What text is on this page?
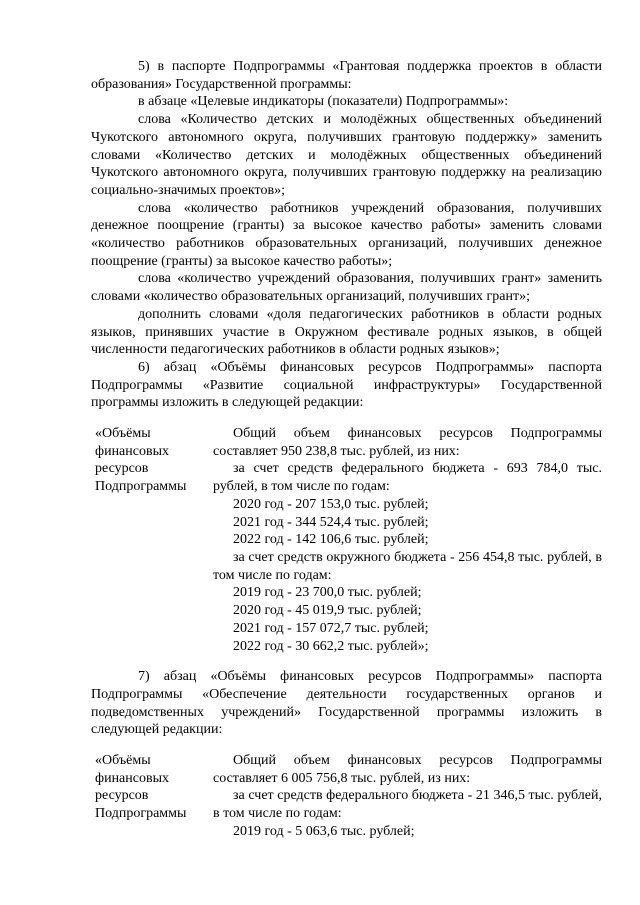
5) в паспорте Подпрограммы «Грантовая поддержка проектов в области образования» Государственной программы:

в абзаце «Целевые индикаторы (показатели) Подпрограммы»:

слова «Количество детских и молодёжных общественных объединений Чукотского автономного округа, получивших грантовую поддержку» заменить словами «Количество детских и молодёжных общественных объединений Чукотского автономного округа, получивших грантовую поддержку на реализацию социально-значимых проектов»;

слова «количество работников учреждений образования, получивших денежное поощрение (гранты) за высокое качество работы» заменить словами «количество работников образовательных организаций, получивших денежное поощрение (гранты) за высокое качество работы»;

слова «количество учреждений образования, получивших грант» заменить словами «количество образовательных организаций, получивших грант»;

дополнить словами «доля педагогических работников в области родных языков, принявших участие в Окружном фестивале родных языков, в общей численности педагогических работников в области родных языков»;

6) абзац «Объёмы финансовых ресурсов Подпрограммы» паспорта Подпрограммы «Развитие социальной инфраструктуры» Государственной программы изложить в следующей редакции:

«Объёмы
финансовых
ресурсов
Подпрограммы

Общий объем финансовых ресурсов Подпрограммы составляет 950 238,8 тыс. рублей, из них:

за счет средств федерального бюджета - 693 784,0 тыс. рублей, в том числе по годам:

2020 год - 207 153,0 тыс. рублей;

2021 год - 344 524,4 тыс. рублей;

2022 год - 142 106,6 тыс. рублей;

за счет средств окружного бюджета - 256 454,8 тыс. рублей, в том числе по годам:

2019 год - 23 700,0 тыс. рублей;

2020 год - 45 019,9 тыс. рублей;

2021 год - 157 072,7 тыс. рублей;

2022 год - 30 662,2 тыс. рублей»;

7) абзац «Объёмы финансовых ресурсов Подпрограммы» паспорта Подпрограммы «Обеспечение деятельности государственных органов и подведомственных учреждений» Государственной программы изложить в следующей редакции:

«Объёмы
финансовых
ресурсов
Подпрограммы

Общий объем финансовых ресурсов Подпрограммы составляет 6 005 756,8 тыс. рублей, из них:

за счет средств федерального бюджета - 21 346,5 тыс. рублей, в том числе по годам:

2019 год - 5 063,6 тыс. рублей;
